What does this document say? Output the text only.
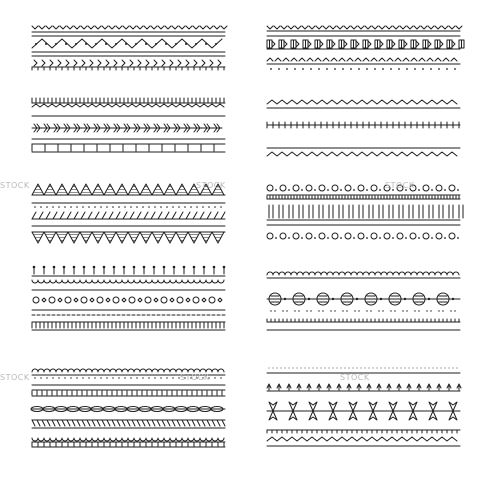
STOCK	STOCK	STOCK
STOCK	STOCK	STOCK
